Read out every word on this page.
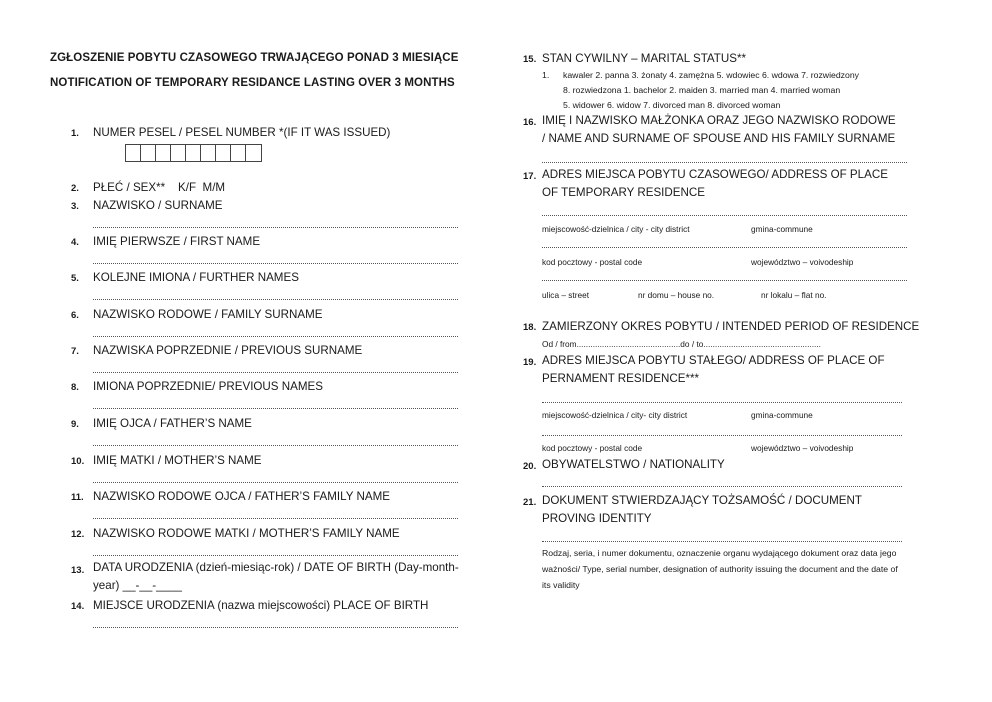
ZGŁOSZENIE POBYTU CZASOWEGO TRWAJĄCEGO PONAD 3 MIESIĄCE
NOTIFICATION OF TEMPORARY RESIDANCE LASTING OVER 3 MONTHS
1. NUMER PESEL / PESEL NUMBER *(IF IT WAS ISSUED)
2. PŁEĆ / SEX**    K/F  M/M
3. NAZWISKO / SURNAME
4. IMIĘ PIERWSZE / FIRST NAME
5. KOLEJNE IMIONA / FURTHER NAMES
6. NAZWISKO RODOWE / FAMILY SURNAME
7. NAZWISKA POPRZEDNIE / PREVIOUS SURNAME
8. IMIONA POPRZEDNIE/ PREVIOUS NAMES
9. IMIĘ OJCA / FATHER’S NAME
10. IMIĘ MATKI / MOTHER’S NAME
11. NAZWISKO RODOWE OJCA / FATHER’S FAMILY NAME
12. NAZWISKO RODOWE MATKI / MOTHER’S FAMILY NAME
13. DATA URODZENIA (dzień-miesiąc-rok) / DATE OF BIRTH (Day-month-year) __-__-____
14. MIEJSCE URODZENIA (nazwa miejscowości) PLACE OF BIRTH
15. STAN CYWILNY – MARITAL STATUS**
1. kawaler 2. panna 3. żonaty 4. zamężna 5. wdowiec 6. wdowa 7. rozwiedzony
8. rozwiedzona 1. bachelor 2. maiden 3. married man 4. married woman
5. widower 6. widow 7. divorced man 8. divorced woman
16. IMIĘ I NAZWISKO MAŁŻONKA ORAZ JEGO NAZWISKO RODOWE / NAME AND SURNAME OF SPOUSE AND HIS FAMILY SURNAME
17. ADRES MIEJSCA POBYTU CZASOWEGO/ ADDRESS OF PLACE OF TEMPORARY RESIDENCE
miejscowość-dzielnica / city - city district	gmina-commune
kod pocztowy - postal code	województwo – voivodeship
ulica – street	nr domu – house no.	nr lokalu – flat no.
18. ZAMIERZONY OKRES POBYTU / INTENDED PERIOD OF RESIDENCE
Od / from.............................................do / to...................................................
19. ADRES MIEJSCA POBYTU STAŁEGO/ ADDRESS OF PLACE OF PERNAMENT RESIDENCE***
miejscowość-dzielnica / city- city district	gmina-commune
kod pocztowy - postal code	województwo – voivodeship
20. OBYWATELSTWO / NATIONALITY
21. DOKUMENT STWIERDZAJĄCY TOŻSAMOŚĆ / DOCUMENT PROVING IDENTITY
Rodzaj, seria, i numer dokumentu, oznaczenie organu wydającego dokument oraz data jego ważności/ Type, serial number, designation of authority issuing the document and the date of its validity
